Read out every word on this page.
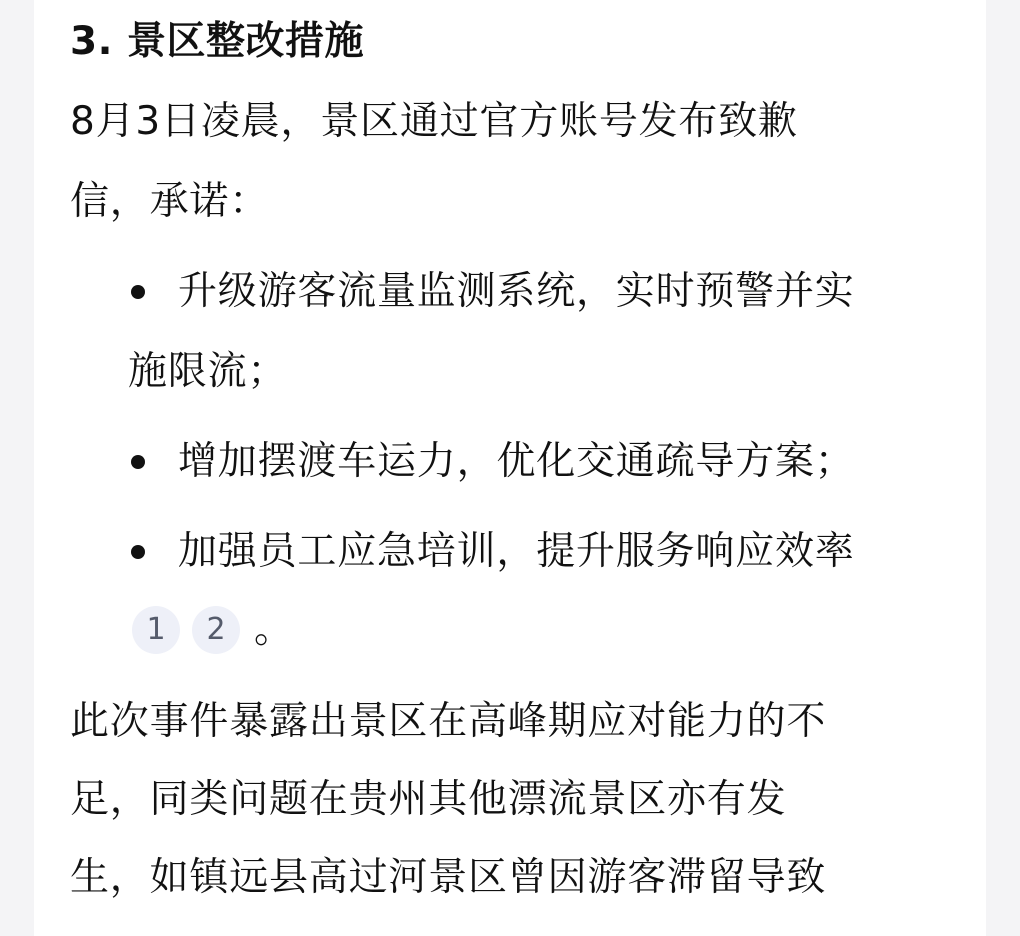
3. 景区整改措施
8月3日凌晨，景区通过官方账号发布致歉
信，承诺：
升级游客流量监测系统，实时预警并实
施限流；
增加摆渡车运力，优化交通疏导方案；
加强员工应急培训，提升服务响应效率
1	2 。
此次事件暴露出景区在高峰期应对能力的不
足，同类问题在贵州其他漂流景区亦有发
生，如镇远县高过河景区曾因游客滞留导致
